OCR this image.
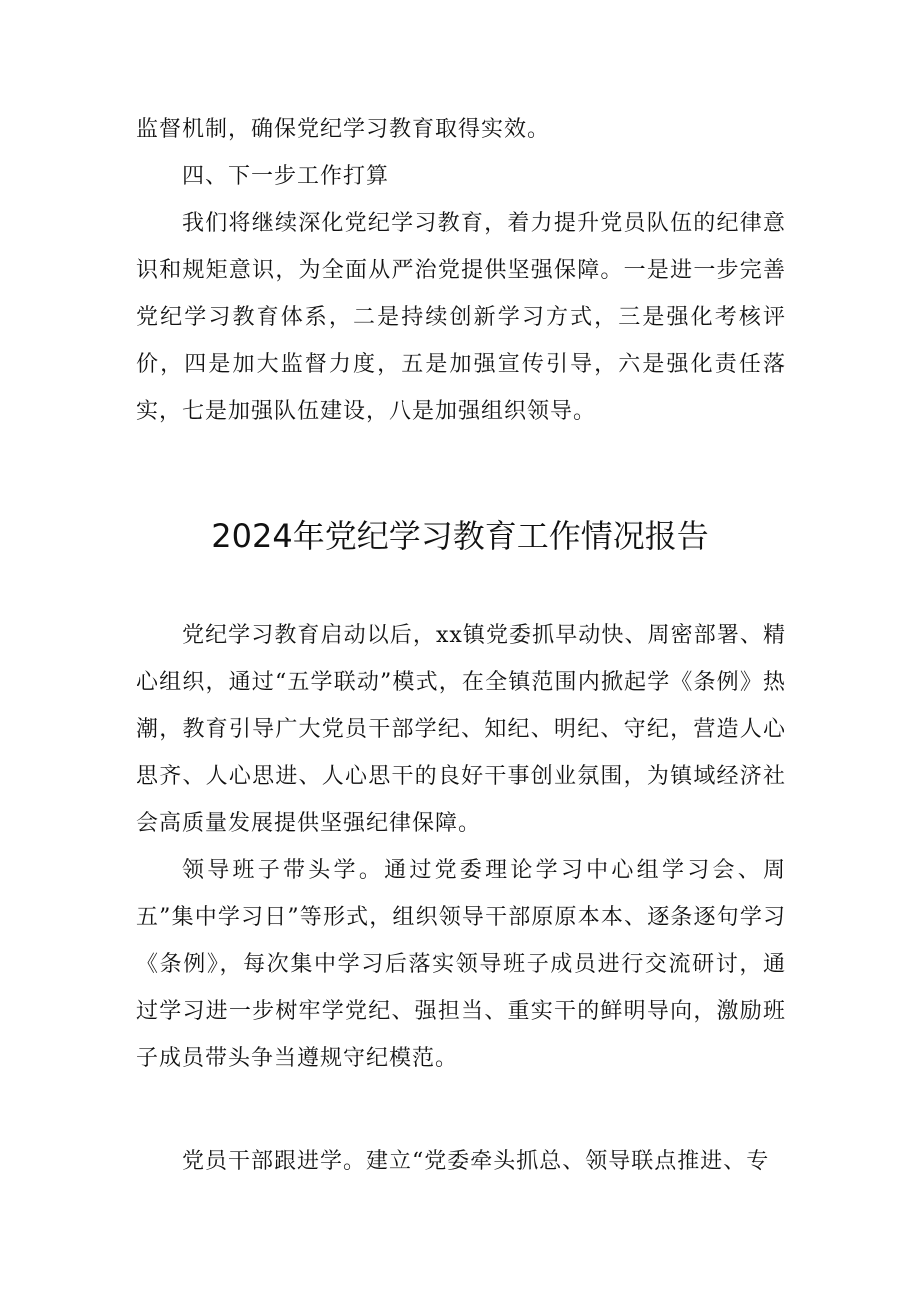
监督机制，确保党纪学习教育取得实效。

四、下一步工作打算

我们将继续深化党纪学习教育，着力提升党员队伍的纪律意识和规矩意识，为全面从严治党提供坚强保障。一是进一步完善党纪学习教育体系，二是持续创新学习方式，三是强化考核评价，四是加大监督力度，五是加强宣传引导，六是强化责任落实，七是加强队伍建设，八是加强组织领导。

2024年党纪学习教育工作情况报告

党纪学习教育启动以后，xx镇党委抓早动快、周密部署、精心组织，通过“五学联动”模式，在全镇范围内掀起学《条例》热潮，教育引导广大党员干部学纪、知纪、明纪、守纪，营造人心思齐、人心思进、人心思干的良好干事创业氛围，为镇域经济社会高质量发展提供坚强纪律保障。

领导班子带头学。通过党委理论学习中心组学习会、周五”集中学习日”等形式，组织领导干部原原本本、逐条逐句学习《条例》，每次集中学习后落实领导班子成员进行交流研讨，通过学习进一步树牢学党纪、强担当、重实干的鲜明导向，激励班子成员带头争当遵规守纪模范。

党员干部跟进学。建立“党委牵头抓总、领导联点推进、专
